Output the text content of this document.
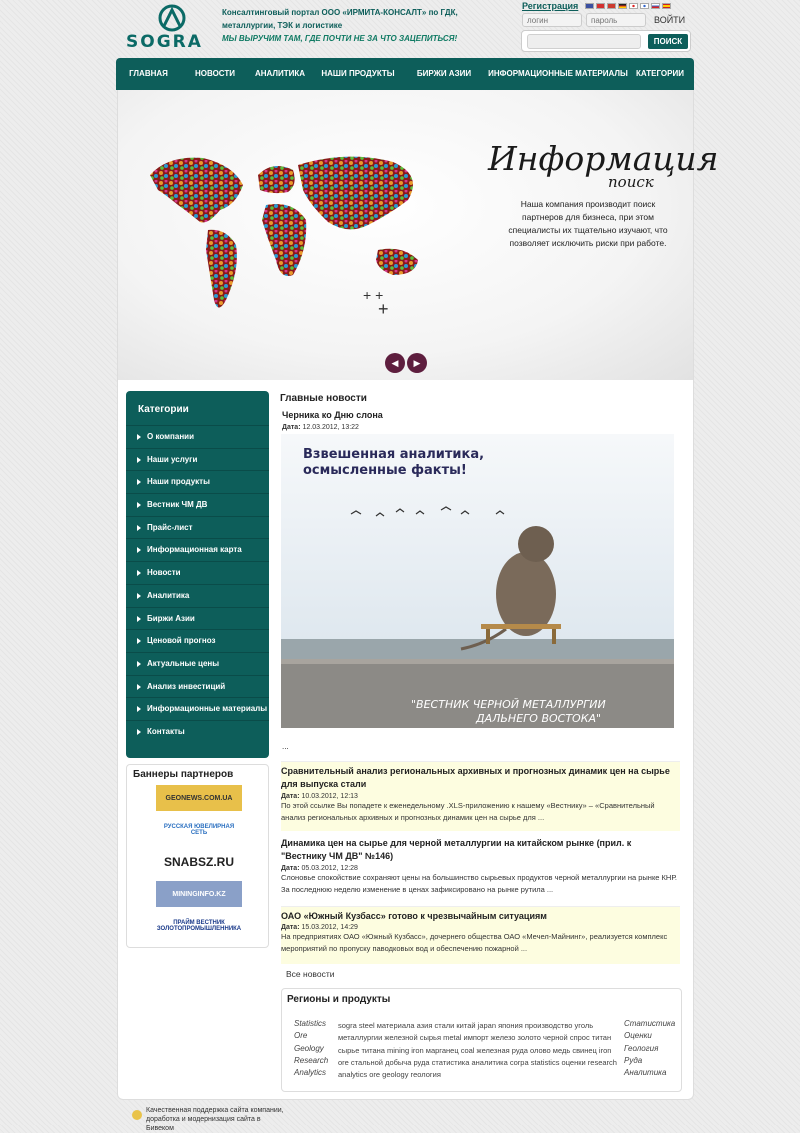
SOGRA
Консалтинговый портал ООО «ИРМИТА-КОНСАЛТ» по ГДК, металлургии, ТЭК и логистике
МЫ ВЫРУЧИМ ТАМ, ГДЕ ПОЧТИ НЕ ЗА ЧТО ЗАЦЕПИТЬСЯ!
Регистрация
логин
пароль
ВОЙТИ
ПОИСК
ГЛАВНАЯ	НОВОСТИ	АНАЛИТИКА	НАШИ ПРОДУКТЫ	БИРЖИ АЗИИ	ИНФОРМАЦИОННЫЕ МАТЕРИАЛЫ	КАТЕГОРИИ
+ +
+
Информация
поиск
Наша компания производит поиск партнеров для бизнеса, при этом специалисты их тщательно изучают, что позволяет исключить риски при работе.
◀	▶
Категории
О компании
Наши услуги
Наши продукты
Вестник ЧМ ДВ
Прайс-лист
Информационная карта
Новости
Аналитика
Биржи Азии
Ценовой прогноз
Актуальные цены
Анализ инвестиций
Информационные материалы
Контакты
Баннеры партнеров
GEONEWS.COM.UA
РУССКАЯ ЮВЕЛИРНАЯ СЕТЬ
SNABSZ.RU
MININGINFO.KZ
ПРАЙМ ВЕСТНИК ЗОЛОТОПРОМЫШЛЕННИКА
Главные новости
Черника ко Дню слона
Дата: 12.03.2012, 13:22
Взвешенная аналитика,
осмысленные факты!
"ВЕСТНИК ЧЕРНОЙ МЕТАЛЛУРГИИ
ДАЛЬНЕГО ВОСТОКА"
...
Сравнительный анализ региональных архивных и прогнозных динамик цен на сырье для выпуска стали
Дата: 10.03.2012, 12:13
По этой ссылке Вы попадете к еженедельному .XLS-приложению к нашему «Вестнику» – «Сравнительный анализ региональных архивных и прогнозных динамик цен на сырье для ...
Динамика цен на сырье для черной металлургии на китайском рынке (прил. к "Вестнику ЧМ ДВ" №146)
Дата: 05.03.2012, 12:28
Слоновье спокойствие сохраняют цены на большинство сырьевых продуктов черной металлургии на рынке КНР. За последнюю неделю изменение в ценах зафиксировано на рынке рутила ...
ОАО «Южный Кузбасс» готово к чрезвычайным ситуациям
Дата: 15.03.2012, 14:29
На предприятиях ОАО «Южный Кузбасс», дочернего общества ОАО «Мечел-Майнинг», реализуется комплекс мероприятий по пропуску паводковых вод и обеспечению пожарной ...
Все новости
Регионы и продукты
Statistics
Ore
Geology
Research
Analytics
sogra steel материала азия стали китай japan япония производство уголь металлургии железной сырья metal импорт железо золото черной спрос титан сырье титана mining iron марганец coal железная руда олово медь свинец iron ore стальной добыча руда статистика аналитика corpa statistics оценки research analytics ore geology геология
Статистика
Оценки
Геология
Руда
Аналитика
Качественная поддержка сайта компании, доработка и модернизация сайта в Бивеком
